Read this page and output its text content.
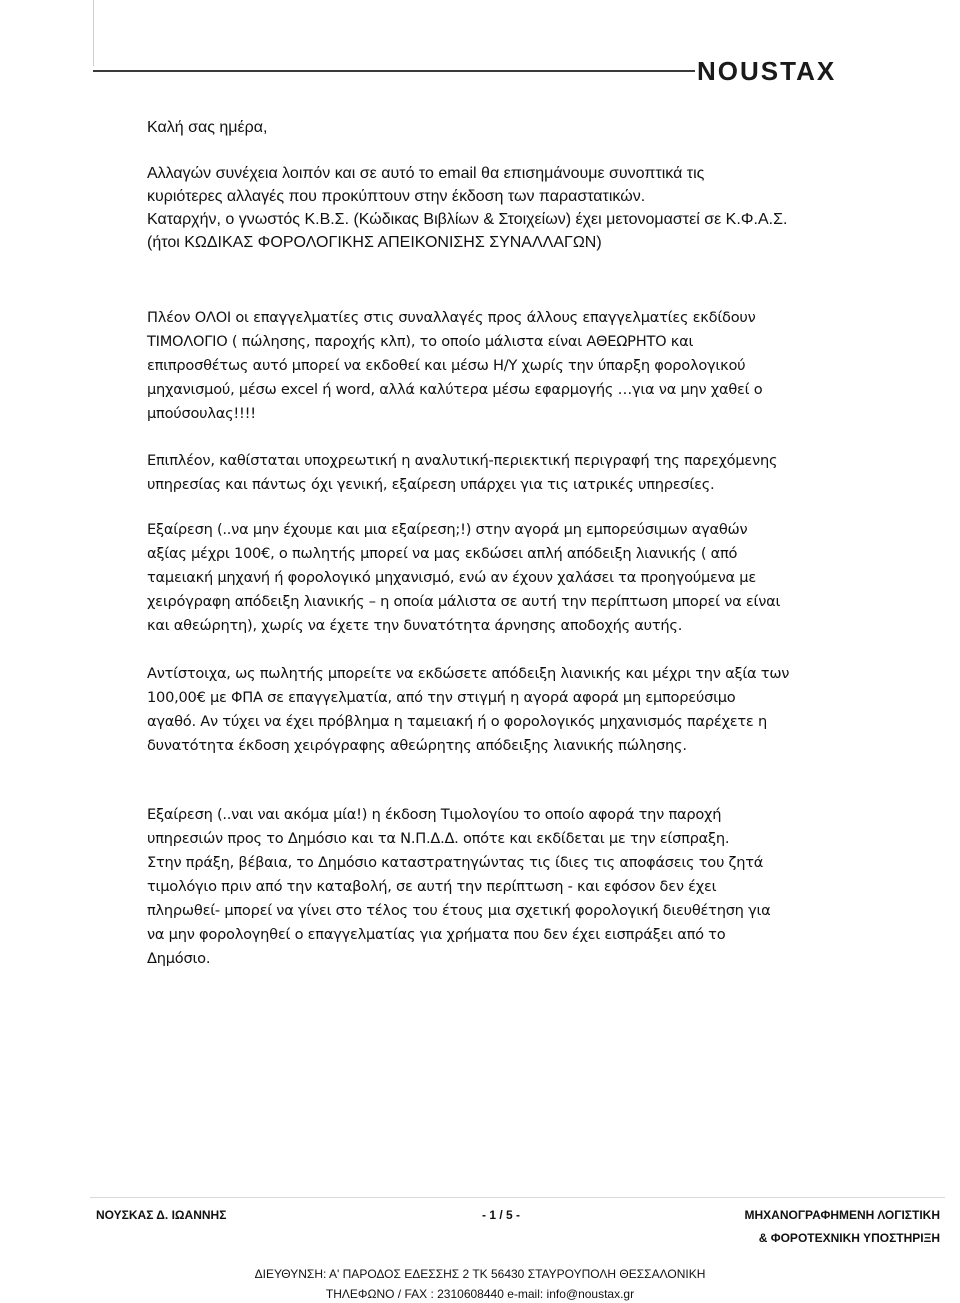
NOUSTAX

Καλή σας ημέρα,

Αλλαγών συνέχεια λοιπόν και σε αυτό το email θα επισημάνουμε συνοπτικά τις

κυριότερες αλλαγές που προκύπτουν στην έκδοση των παραστατικών.

Καταρχήν, ο γνωστός Κ.Β.Σ. (Κώδικας Βιβλίων & Στοιχείων) έχει μετονομαστεί σε Κ.Φ.Α.Σ.

(ήτοι ΚΩΔΙΚΑΣ ΦΟΡΟΛΟΓΙΚΗΣ ΑΠΕΙΚΟΝΙΣΗΣ ΣΥΝΑΛΛΑΓΩΝ)

Πλέον ΟΛΟΙ οι επαγγελματίες στις συναλλαγές προς άλλους επαγγελματίες εκδίδουν

ΤΙΜΟΛΟΓΙΟ ( πώλησης, παροχής κλπ), το οποίο μάλιστα είναι ΑΘΕΩΡΗΤΟ και

επιπροσθέτως αυτό μπορεί να εκδοθεί και μέσω Η/Υ χωρίς την ύπαρξη φορολογικού

μηχανισμού, μέσω excel ή word, αλλά καλύτερα μέσω εφαρμογής …για να μην χαθεί ο

μπούσουλας!!!!

Επιπλέον, καθίσταται υποχρεωτική η αναλυτική-περιεκτική περιγραφή της παρεχόμενης

υπηρεσίας και πάντως όχι γενική, εξαίρεση υπάρχει για τις ιατρικές υπηρεσίες.

Εξαίρεση (..να μην έχουμε και μια εξαίρεση;!) στην αγορά μη εμπορεύσιμων αγαθών

αξίας μέχρι 100€, ο πωλητής μπορεί να μας εκδώσει απλή απόδειξη λιανικής ( από

ταμειακή μηχανή ή φορολογικό μηχανισμό, ενώ αν έχουν χαλάσει τα προηγούμενα με

χειρόγραφη απόδειξη λιανικής – η οποία μάλιστα σε αυτή την περίπτωση μπορεί να είναι

και αθεώρητη), χωρίς να έχετε την δυνατότητα άρνησης αποδοχής αυτής.

Αντίστοιχα, ως πωλητής μπορείτε να εκδώσετε απόδειξη λιανικής και μέχρι την αξία των

100,00€ με ΦΠΑ σε επαγγελματία, από την στιγμή η αγορά αφορά μη εμπορεύσιμο

αγαθό. Αν τύχει να έχει πρόβλημα η ταμειακή ή ο φορολογικός μηχανισμός παρέχετε η

δυνατότητα έκδοση χειρόγραφης αθεώρητης απόδειξης λιανικής πώλησης.

Εξαίρεση (..ναι ναι ακόμα μία!) η έκδοση Τιμολογίου το οποίο αφορά την παροχή

υπηρεσιών προς το Δημόσιο και τα Ν.Π.Δ.Δ. οπότε και εκδίδεται με την είσπραξη.

Στην πράξη, βέβαια, το Δημόσιο καταστρατηγώντας τις ίδιες τις αποφάσεις του ζητά

τιμολόγιο πριν από την καταβολή, σε αυτή την περίπτωση - και εφόσον δεν έχει

πληρωθεί- μπορεί να γίνει στο τέλος του έτους μια σχετική φορολογική διευθέτηση για

να μην φορολογηθεί ο επαγγελματίας για χρήματα που δεν έχει εισπράξει από το

Δημόσιο.

ΝΟΥΣΚΑΣ Δ. ΙΩΑΝΝΗΣ	- 1 / 5 -	ΜΗΧΑΝΟΓΡΑΦΗΜΕΝΗ ΛΟΓΙΣΤΙΚΗ
& ΦΟΡΟΤΕΧΝΙΚΗ ΥΠΟΣΤΗΡΙΞΗ
ΔΙΕΥΘΥΝΣΗ: Α' ΠΑΡΟΔΟΣ ΕΔΕΣΣΗΣ 2 ΤΚ 56430 ΣΤΑΥΡΟΥΠΟΛΗ ΘΕΣΣΑΛΟΝΙΚΗ
ΤΗΛΕΦΩΝΟ / FAX : 2310608440 e-mail: info@noustax.gr
